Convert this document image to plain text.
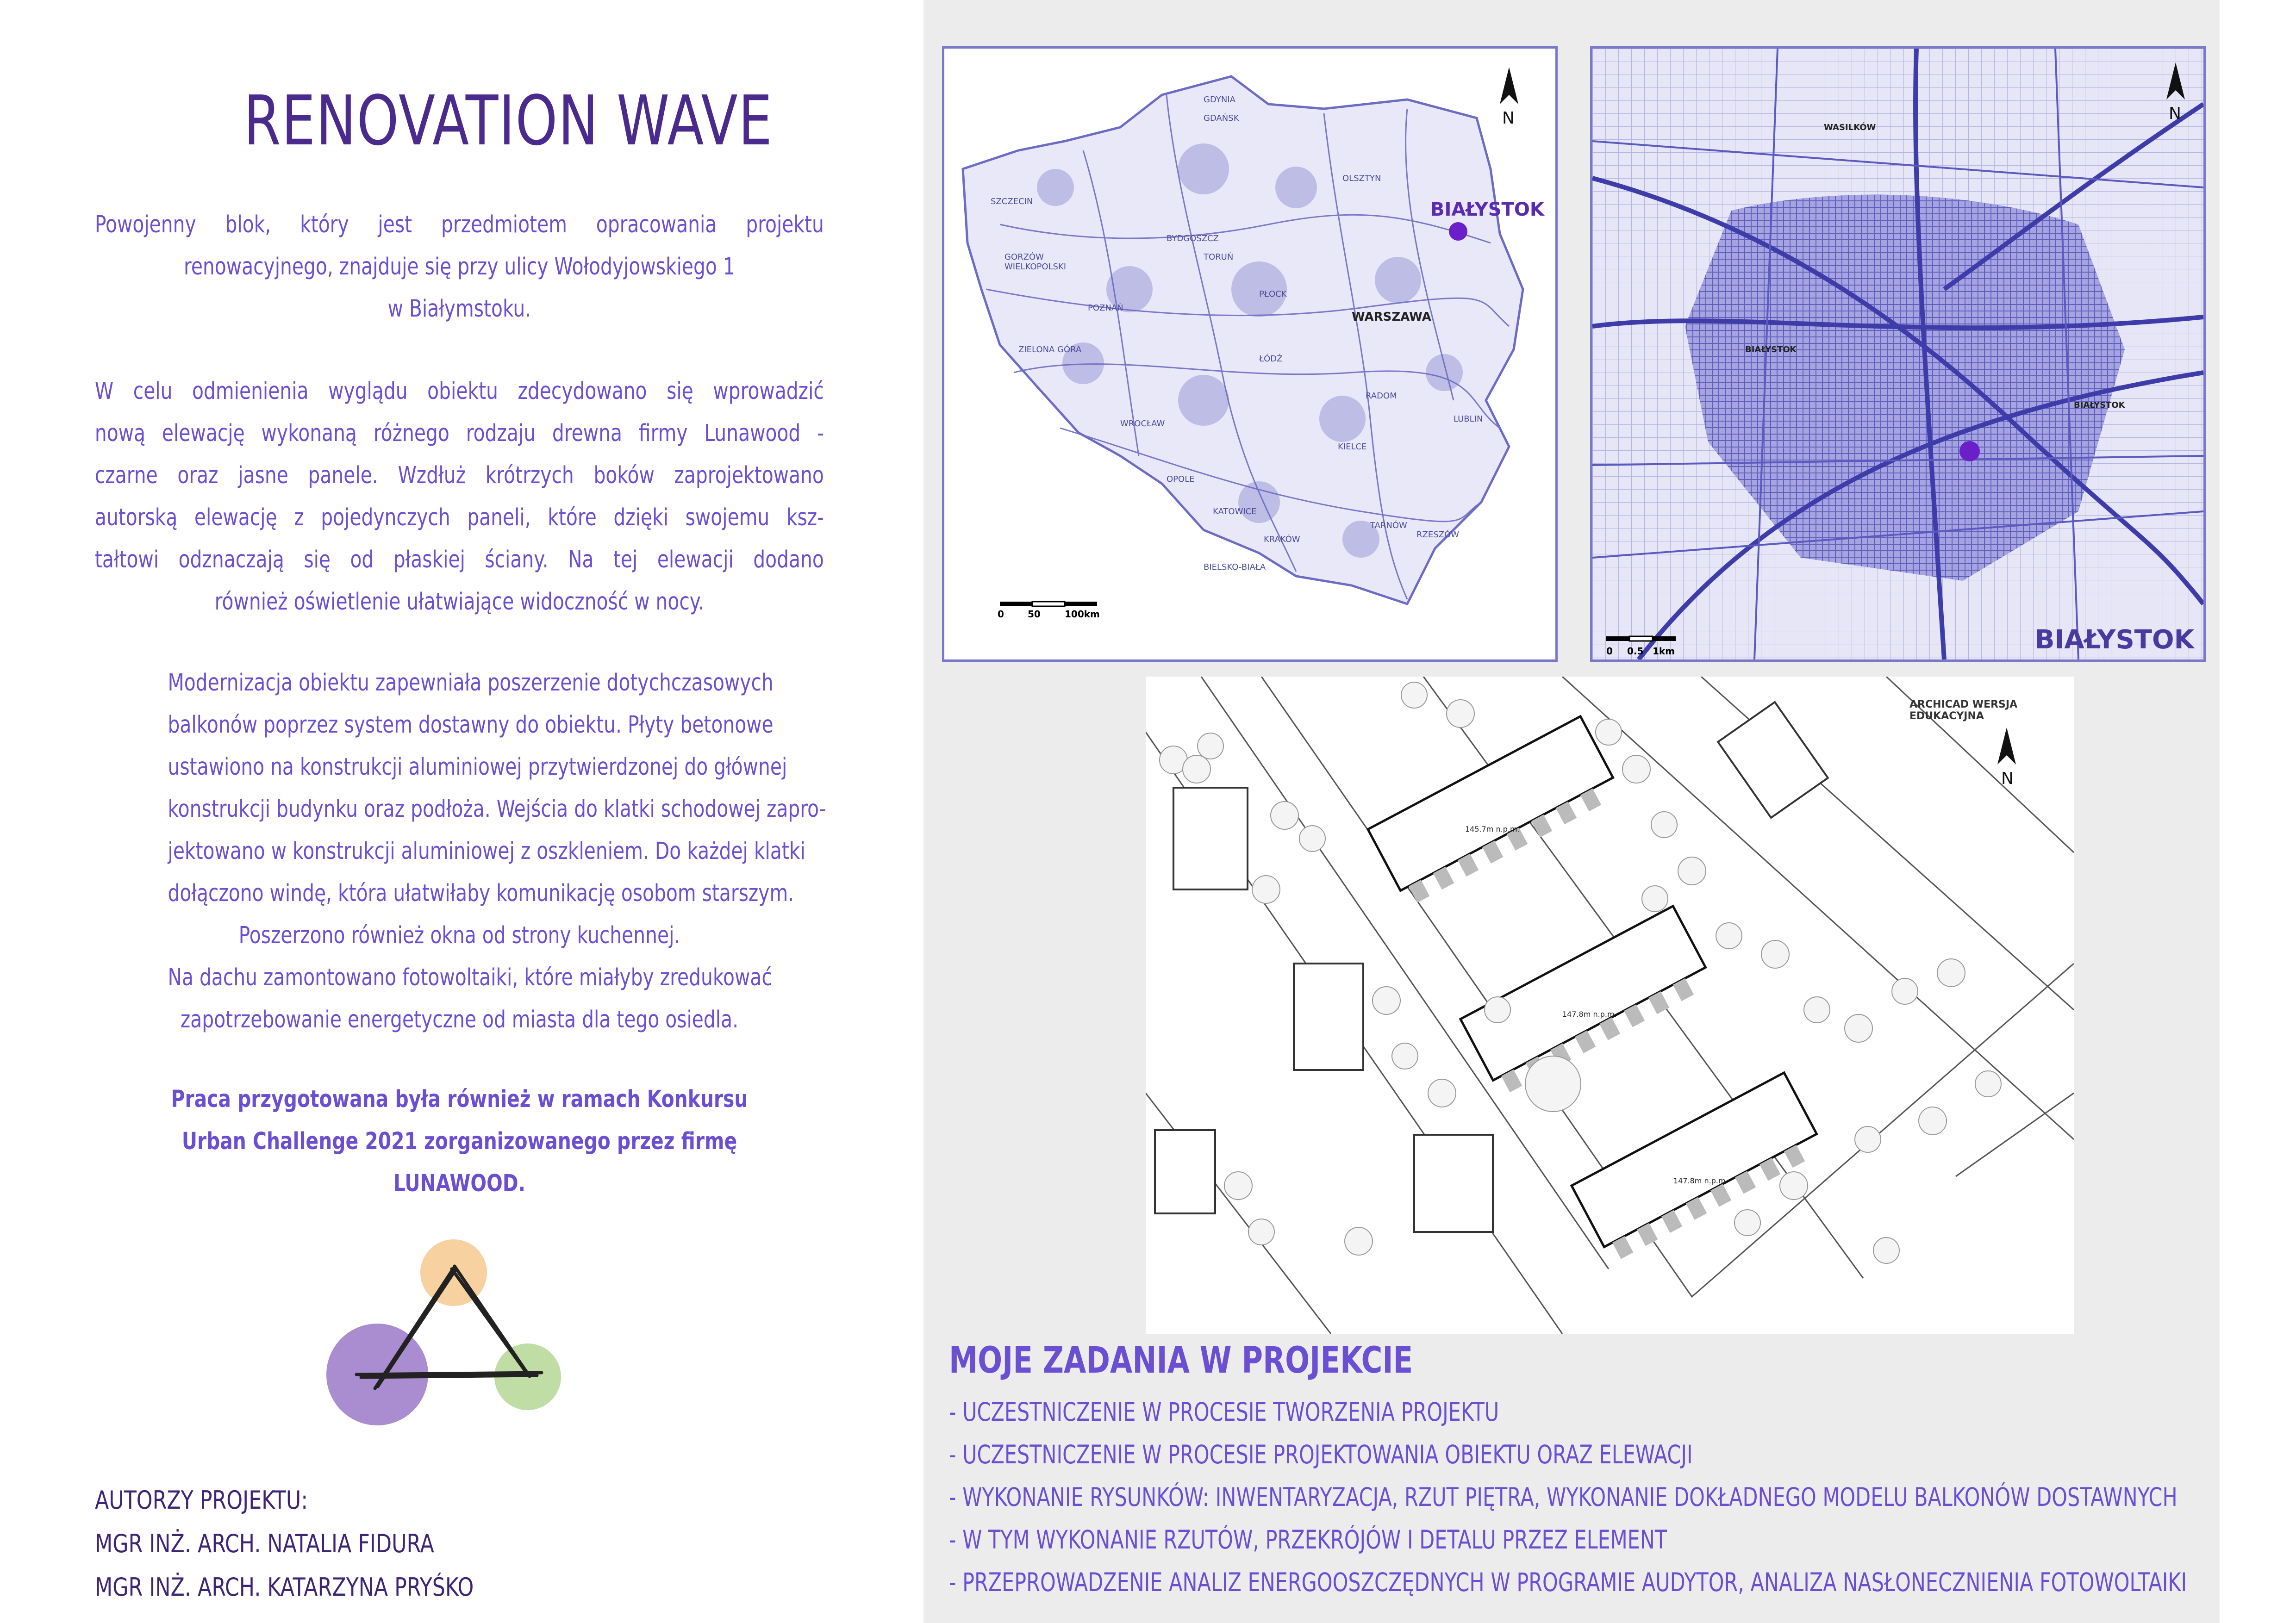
RENOVATION WAVE
Powojenny blok, który jest przedmiotem opracowania projektu
renowacyjnego, znajduje się przy ulicy Wołodyjowskiego 1
w Białymstoku.
W celu odmienienia wyglądu obiektu zdecydowano się wprowadzić
nową elewację wykonaną różnego rodzaju drewna firmy Lunawood -
czarne oraz jasne panele. Wzdłuż krótrzych boków zaprojektowano
autorską elewację z pojedynczych paneli, które dzięki swojemu ksz-
tałtowi odznaczają się od płaskiej ściany. Na tej elewacji dodano
również oświetlenie ułatwiające widoczność w nocy.
Modernizacja obiektu zapewniała poszerzenie dotychczasowych
balkonów poprzez system dostawny do obiektu. Płyty betonowe
ustawiono na konstrukcji aluminiowej przytwierdzonej do głównej
konstrukcji budynku oraz podłoża. Wejścia do klatki schodowej zapro-
jektowano w konstrukcji aluminiowej z oszkleniem. Do każdej klatki
dołączono windę, która ułatwiłaby komunikację osobom starszym.
Poszerzono również okna od strony kuchennej.
Na dachu zamontowano fotowoltaiki, które miałyby zredukować
zapotrzebowanie energetyczne od miasta dla tego osiedla.
Praca przygotowana była również w ramach Konkursu
Urban Challenge 2021 zorganizowanego przez firmę
LUNAWOOD.
AUTORZY PROJEKTU:
MGR INŻ. ARCH. NATALIA FIDURA
MGR INŻ. ARCH. KATARZYNA PRYŚKO
BIAŁYSTOK
WARSZAWA
N
0	50	100km
GDAŃSK
GDYNIA
SZCZECIN
OLSZTYN
BYDGOSZCZ
TORUŃ
GORZÓW WIELKOPOLSKI
POZNAŃ
ZIELONA GÓRA
PŁOCK
ŁÓDŹ
WROCŁAW
OPOLE
KATOWICE
KRAKÓW	RZESZÓW
KIELCE
RADOM
LUBLIN
TARNÓW
BIELSKO-BIAŁA
N
BIAŁYSTOK
0 0.5 1km
WASILKÓW
BIAŁYSTOK
BIAŁYSTOK
ARCHICAD WERSJA EDUKACYJNA
N
145.7m n.p.m.
147.8m n.p.m.
147.8m n.p.m.
MOJE ZADANIA W PROJEKCIE
- UCZESTNICZENIE W PROCESIE TWORZENIA PROJEKTU
- UCZESTNICZENIE W PROCESIE PROJEKTOWANIA OBIEKTU ORAZ ELEWACJI
- WYKONANIE RYSUNKÓW: INWENTARYZACJA, RZUT PIĘTRA, WYKONANIE DOKŁADNEGO MODELU BALKONÓW DOSTAWNYCH
- W TYM WYKONANIE RZUTÓW, PRZEKRÓJÓW I DETALU PRZEZ ELEMENT
- PRZEPROWADZENIE ANALIZ ENERGOOSZCZĘDNYCH W PROGRAMIE AUDYTOR, ANALIZA NASŁONECZNIENIA FOTOWOLTAIKI
